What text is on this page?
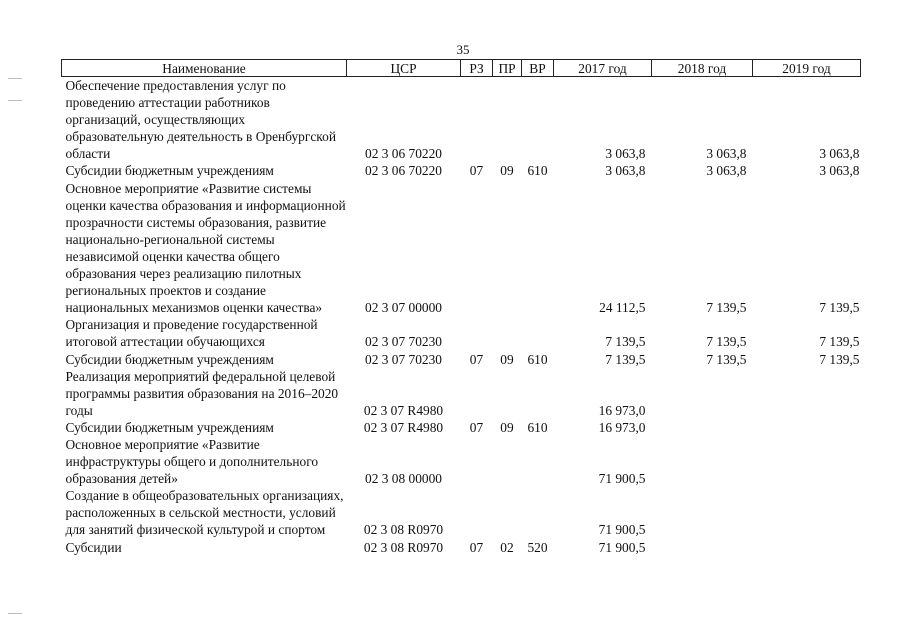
35
Наименование	ЦСР	РЗ	ПР	ВР	2017 год	2018 год	2019 год
Обеспечение предоставления услуг по проведению аттестации работников организаций, осуществляющих образовательную деятельность в Оренбургской области	02 3 06 70220				3 063,8	3 063,8	3 063,8
Субсидии бюджетным учреждениям	02 3 06 70220	07	09	610	3 063,8	3 063,8	3 063,8
Основное мероприятие «Развитие системы оценки качества образования и информационной прозрачности системы образования, развитие национально-региональной системы независимой оценки качества общего образования через реализацию пилотных региональных проектов и создание национальных механизмов оценки качества»	02 3 07 00000				24 112,5	7 139,5	7 139,5
Организация и проведение государственной итоговой аттестации обучающихся	02 3 07 70230				7 139,5	7 139,5	7 139,5
Субсидии бюджетным учреждениям	02 3 07 70230	07	09	610	7 139,5	7 139,5	7 139,5
Реализация мероприятий федеральной целевой программы развития образования на 2016–2020 годы	02 3 07 R4980				16 973,0		
Субсидии бюджетным учреждениям	02 3 07 R4980	07	09	610	16 973,0		
Основное мероприятие «Развитие инфраструктуры общего и дополнительного образования детей»	02 3 08 00000				71 900,5		
Создание в общеобразовательных организациях, расположенных в сельской местности, условий для занятий физической культурой и спортом	02 3 08 R0970				71 900,5		
Субсидии	02 3 08 R0970	07	02	520	71 900,5		
